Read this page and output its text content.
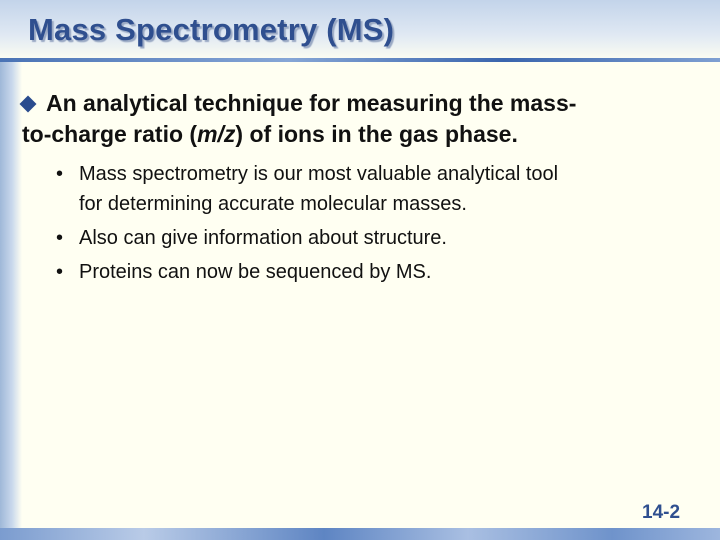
Mass Spectrometry (MS)
An analytical technique for measuring the mass-
to-charge ratio (m/z) of ions in the gas phase.
• Mass spectrometry is our most valuable analytical tool
for determining accurate molecular masses.
• Also can give information about structure.
• Proteins can now be sequenced by MS.
14-2
